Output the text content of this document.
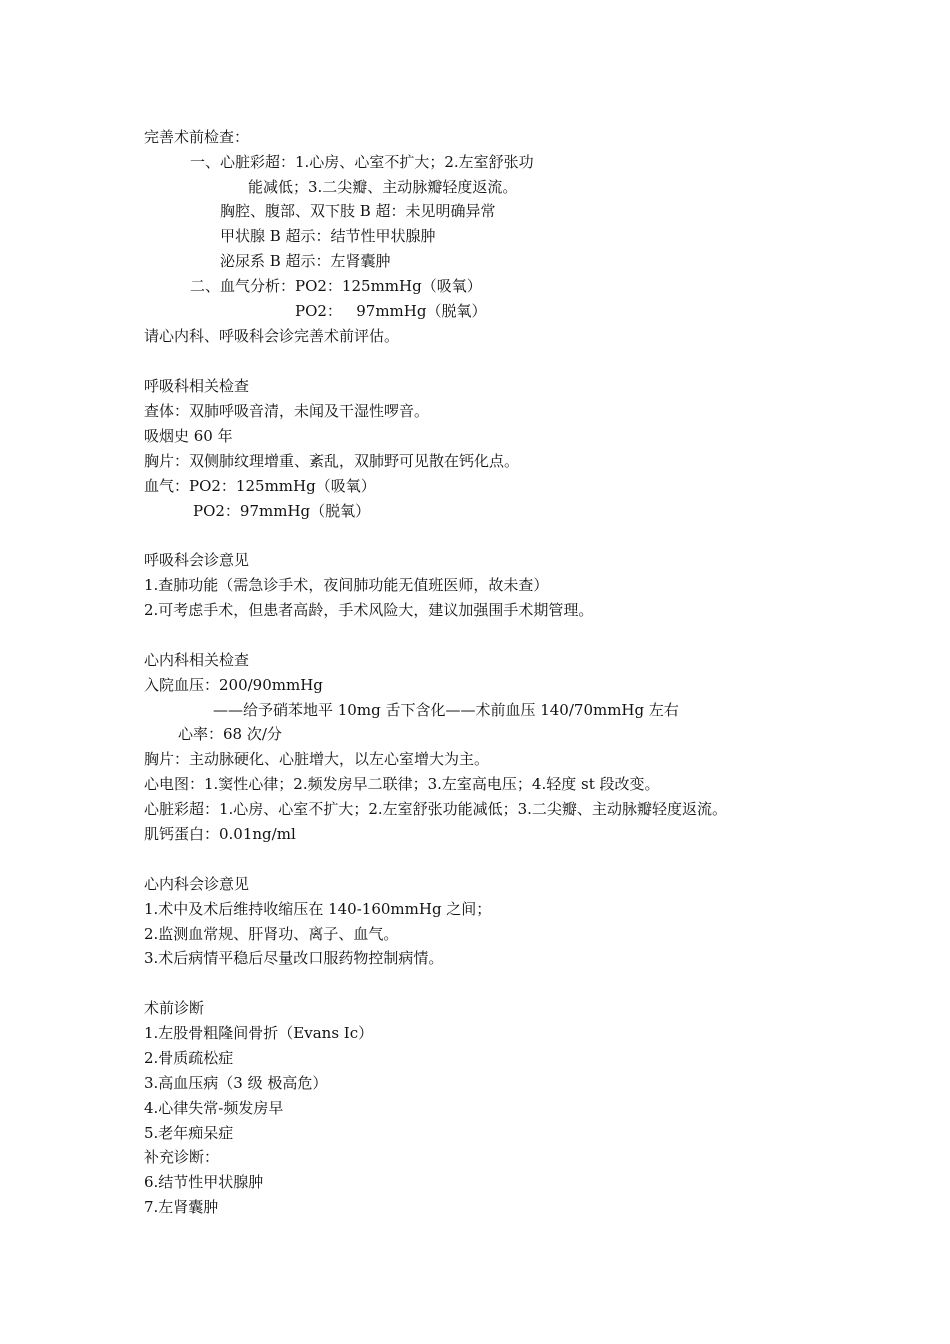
完善术前检查：
一、心脏彩超：1.心房、心室不扩大；2.左室舒张功
能减低；3.二尖瓣、主动脉瓣轻度返流。
胸腔、腹部、双下肢 B 超：未见明确异常
甲状腺 B 超示：结节性甲状腺肿
泌尿系 B 超示：左肾囊肿
二、血气分析：PO2：125mmHg（吸氧）
PO2：   97mmHg（脱氧）
请心内科、呼吸科会诊完善术前评估。
呼吸科相关检查
查体：双肺呼吸音清，未闻及干湿性啰音。
吸烟史 60 年
胸片：双侧肺纹理增重、紊乱，双肺野可见散在钙化点。
血气：PO2：125mmHg（吸氧）
PO2：97mmHg（脱氧）
呼吸科会诊意见
1.查肺功能（需急诊手术，夜间肺功能无值班医师，故未查）
2.可考虑手术，但患者高龄，手术风险大，建议加强围手术期管理。
心内科相关检查
入院血压：200/90mmHg
——给予硝苯地平 10mg 舌下含化——术前血压 140/70mmHg 左右
心率：68 次/分
胸片：主动脉硬化、心脏增大，以左心室增大为主。
心电图：1.窦性心律；2.频发房早二联律；3.左室高电压；4.轻度 st 段改变。
心脏彩超：1.心房、心室不扩大；2.左室舒张功能减低；3.二尖瓣、主动脉瓣轻度返流。
肌钙蛋白：0.01ng/ml
心内科会诊意见
1.术中及术后维持收缩压在 140-160mmHg 之间；
2.监测血常规、肝肾功、离子、血气。
3.术后病情平稳后尽量改口服药物控制病情。
术前诊断
1.左股骨粗隆间骨折（Evans Ic）
2.骨质疏松症
3.高血压病（3 级 极高危）
4.心律失常-频发房早
5.老年痴呆症
补充诊断：
6.结节性甲状腺肿
7.左肾囊肿
